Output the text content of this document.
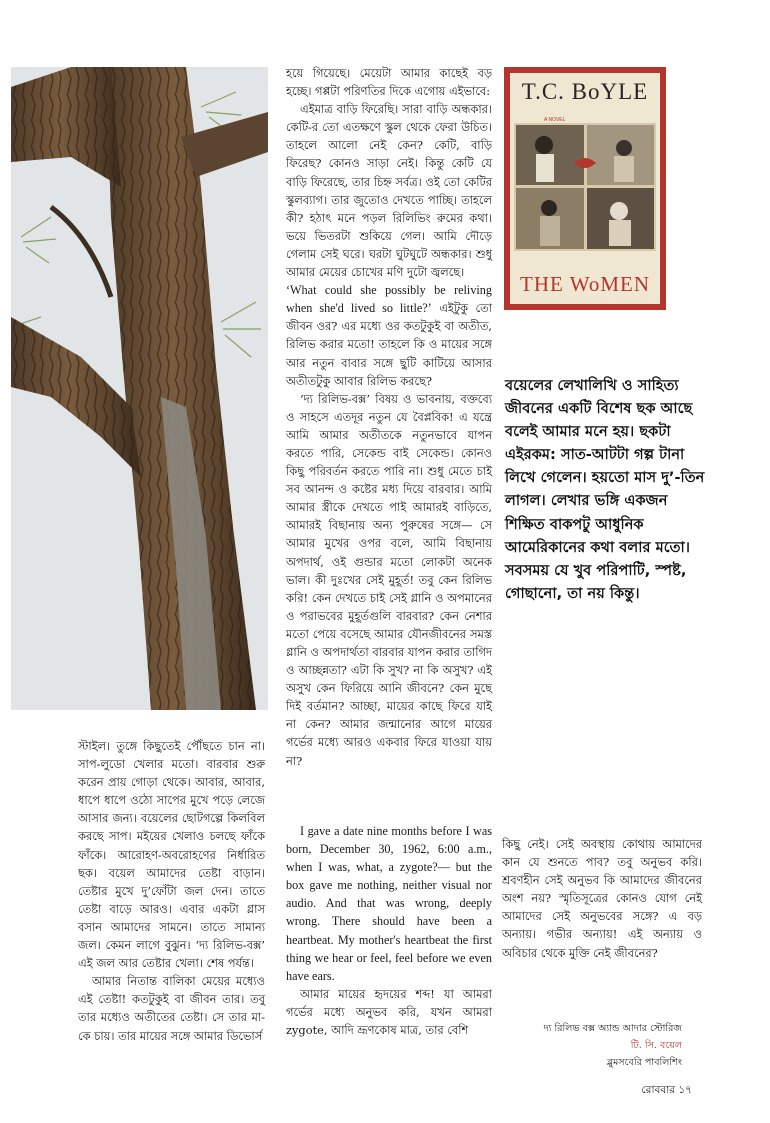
হয়ে গিয়েছে। মেয়েটা আমার কাছেই বড় হচ্ছে। গপ্পটা পরিণতির দিকে এগোয় এইভাবে:

এইমাত্র বাড়ি ফিরেছি। সারা বাড়ি অন্ধকার। কেটি-র তো এতক্ষণে স্কুল থেকে ফেরা উচিত। তাহলে আলো নেই কেন? কেটি, বাড়ি ফিরেছ? কোনও সাড়া নেই। কিন্তু কেটি যে বাড়ি ফিরেছে, তার চিহ্ন সর্বত্র। ওই তো কেটির স্কুলব্যাগ। তার জুতোও দেখতে পাচ্ছি। তাহলে কী? হঠাৎ মনে পড়ল রিলিভিং রুমের কথা। ভয়ে ভিতরটা শুকিয়ে গেল। আমি দৌড়ে গেলাম সেই ঘরে। ঘরটা ঘুটঘুটে অন্ধকার। শুধু আমার মেয়ের চোখের মণি দুটো জ্বলছে।

‘What could she possibly be reliving when she'd lived so little?’ এইটুকু তো জীবন ওর? এর মধ্যে ওর কতটুকুই বা অতীত, রিলিভ করার মতো! তাহলে কি ও মায়ের সঙ্গে আর নতুন বাবার সঙ্গে ছুটি কাটিয়ে আসার অতীতটুকু আবার রিলিভ করছে?

’দ্য রিলিভ-বক্স’ বিষয় ও ভাবনায়, বক্তব্যে ও সাহসে এতদূর নতুন যে বৈপ্লবিক! এ যন্ত্রে আমি আমার অতীতকে নতুনভাবে যাপন করতে পারি, সেকেন্ড বাই সেকেন্ড। কোনও কিছু পরিবর্তন করতে পারি না। শুধু মেতে চাই সব আনন্দ ও কষ্টের মধ্য দিয়ে বারবার। আমি আমার স্ত্রীকে দেখতে পাই আমারই বাড়িতে, আমারই বিছানায় অন্য পুরুষের সঙ্গে— সে আমার মুখের ওপর বলে, আমি বিছানায় অপদার্থ, ওই গুন্ডার মতো লোকটা অনেক ভাল। কী দুঃখের সেই মুহূর্ত! তবু কেন রিলিভ করি! কেন দেখতে চাই সেই গ্লানি ও অপমানের ও পরাভবের মুহূর্তগুলি বারবার? কেন নেশার মতো পেয়ে বসেছে আমার যৌনজীবনের সমস্ত গ্লানি ও অপদার্থতা বারবার যাপন করার তাগিদ ও আচ্ছন্নতা? এটা কি সুখ? না কি অসুখ? এই অসুখ কেন ফিরিয়ে আনি জীবনে? কেন মুছে দিই বর্তমান? আচ্ছা, মায়ের কাছে ফিরে যাই না কেন? আমার জন্মানোর আগে মায়ের গর্ভের মধ্যে আরও একবার ফিরে যাওয়া যায় না?

I gave a date nine months before I was born, December 30, 1962, 6:00 a.m., when I was, what, a zygote?— but the box gave me nothing, neither visual nor audio. And that was wrong, deeply wrong. There should have been a heartbeat. My mother's heartbeat the first thing we hear or feel, feel before we even have ears.

আমার মায়ের হৃদয়ের শব্দ! যা আমরা গর্ভের মধ্যে অনুভব করি, যখন আমরা zygote, আদি ভ্রূণকোষ মাত্র, তার বেশি

স্টাইল। তুঙ্গে কিছুতেই পৌঁছতে চান না। সাপ-লুডো খেলার মতো। বারবার শুরু করেন প্রায় গোড়া থেকে। আবার, আবার, ধাপে ধাপে ওঠো সাপের মুখে পড়ে লেজে আসার জন্য। বয়েলের ছোটগল্পে কিলবিল করছে সাপ। মইয়ের খেলাও চলছে ফাঁকে ফাঁকে। আরোহণ-অবরোহণের নির্ধারিত ছক। বয়েল আমাদের তেষ্টা বাড়ান। তেষ্টার মুখে দু’ফোঁটা জল দেন। তাতে তেষ্টা বাড়ে আরও। এবার একটা গ্লাস বসান আমাদের সামনে। তাতে সামান্য জল। কেমন লাগে বুঝুন। ‘দ্য রিলিভ-বক্স’ এই জল আর তেষ্টার খেলা। শেষ পর্যন্ত।

আমার নিতান্ত বালিকা মেয়ের মধ্যেও এই তেষ্টা! কতটুকুই বা জীবন তার। তবু তার মধ্যেও অতীতের তেষ্টা। সে তার মা-কে চায়। তার মায়ের সঙ্গে আমার ডিভোর্স

T.C. BoYLE
A NOVEL
THE WoMEN
বয়েলের লেখালিখি ও সাহিত্য জীবনের একটি বিশেষ ছক আছে বলেই আমার মনে হয়। ছকটা এইরকম: সাত-আটটা গল্প টানা লিখে গেলেন। হয়তো মাস দু’-তিন লাগল। লেখার ভঙ্গি একজন শিক্ষিত বাকপটু আধুনিক আমেরিকানের কথা বলার মতো। সবসময় যে খুব পরিপাটি, স্পষ্ট, গোছানো, তা নয় কিন্তু।

কিছু নেই। সেই অবস্থায় কোথায় আমাদের কান যে শুনতে পাব? তবু অনুভব করি। শ্রবণহীন সেই অনুভব কি আমাদের জীবনের অংশ নয়? স্মৃতিসূত্রের কোনও যোগ নেই আমাদের সেই অনুভবের সঙ্গে? এ বড় অন্যায়। গভীর অন্যায়! এই অন্যায় ও অবিচার থেকে মুক্তি নেই জীবনের?

দ্য রিলিভ বক্স অ্যান্ড আদার স্টোরিজ
টি. সি. বয়েল
ব্লুমসবেরি পাবলিশিং
রোববার ১৭
